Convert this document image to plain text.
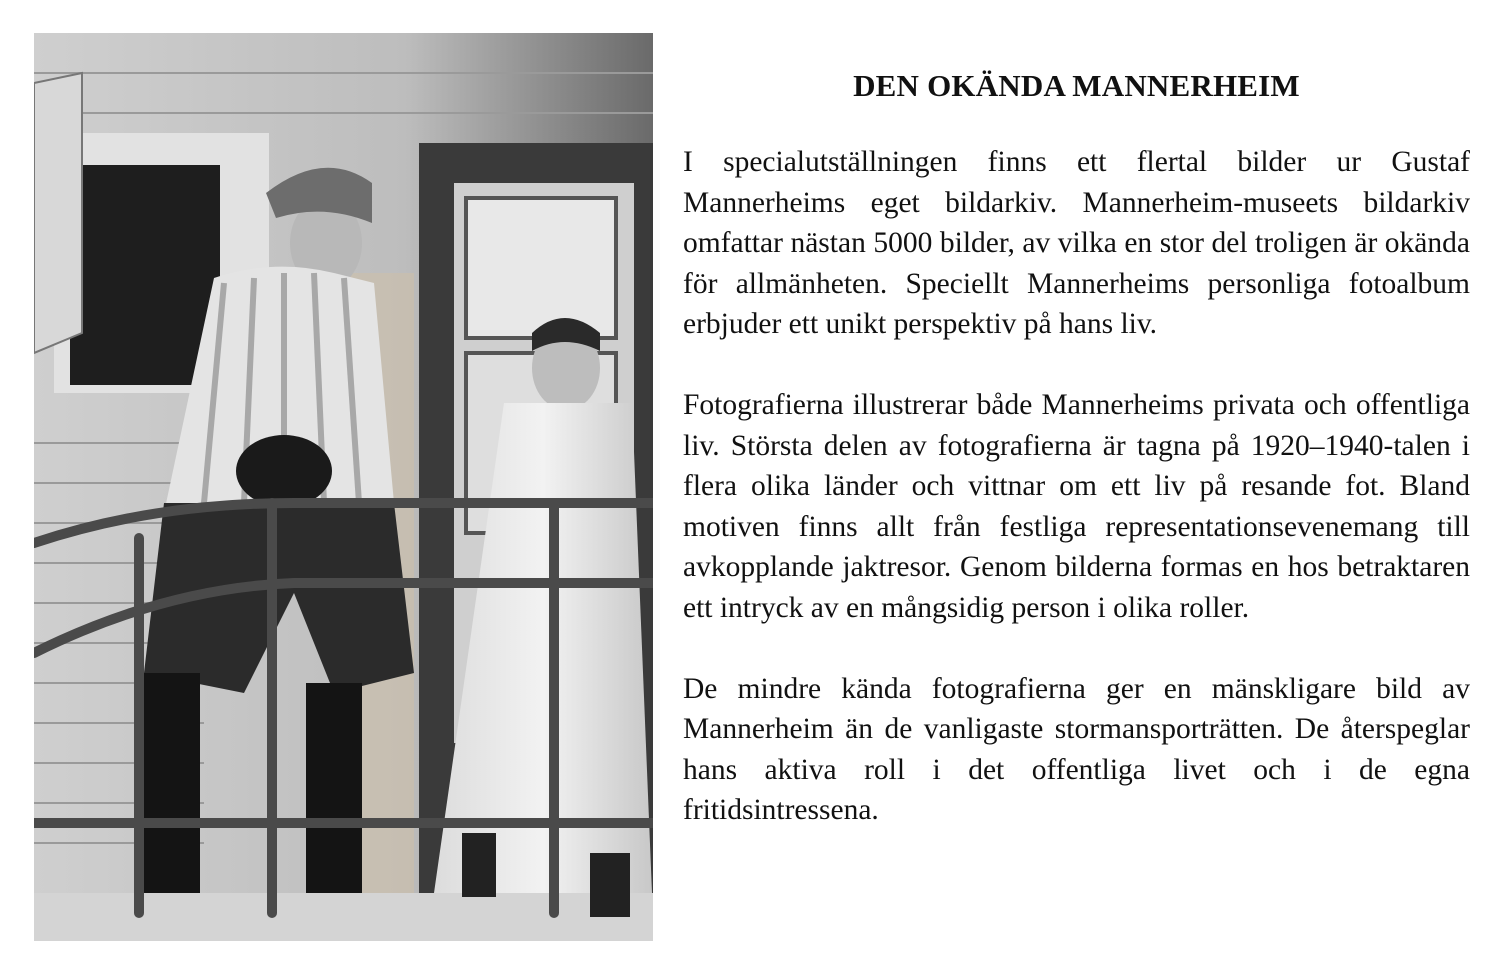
DEN OKÄNDA MANNERHEIM

I specialutställningen finns ett flertal bilder ur Gustaf Mannerheims eget bildarkiv. Mannerheim-museets bildarkiv omfattar nästan 5000 bilder, av vilka en stor del troligen är okända för allmänheten. Speciellt Mannerheims personliga fotoalbum erbjuder ett unikt perspektiv på hans liv.

Fotografierna illustrerar både Mannerheims privata och offentliga liv. Största delen av fotografierna är tagna på 1920–1940-talen i flera olika länder och vittnar om ett liv på resande fot. Bland motiven finns allt från festliga representationsevenemang till avkopplande jaktresor. Genom bilderna formas en hos betraktaren ett intryck av en mångsidig person i olika roller.

De mindre kända fotografierna ger en mänskligare bild av Mannerheim än de vanligaste stormansporträtten. De återspeglar hans aktiva roll i det offentliga livet och i de egna fritidsintressena.
